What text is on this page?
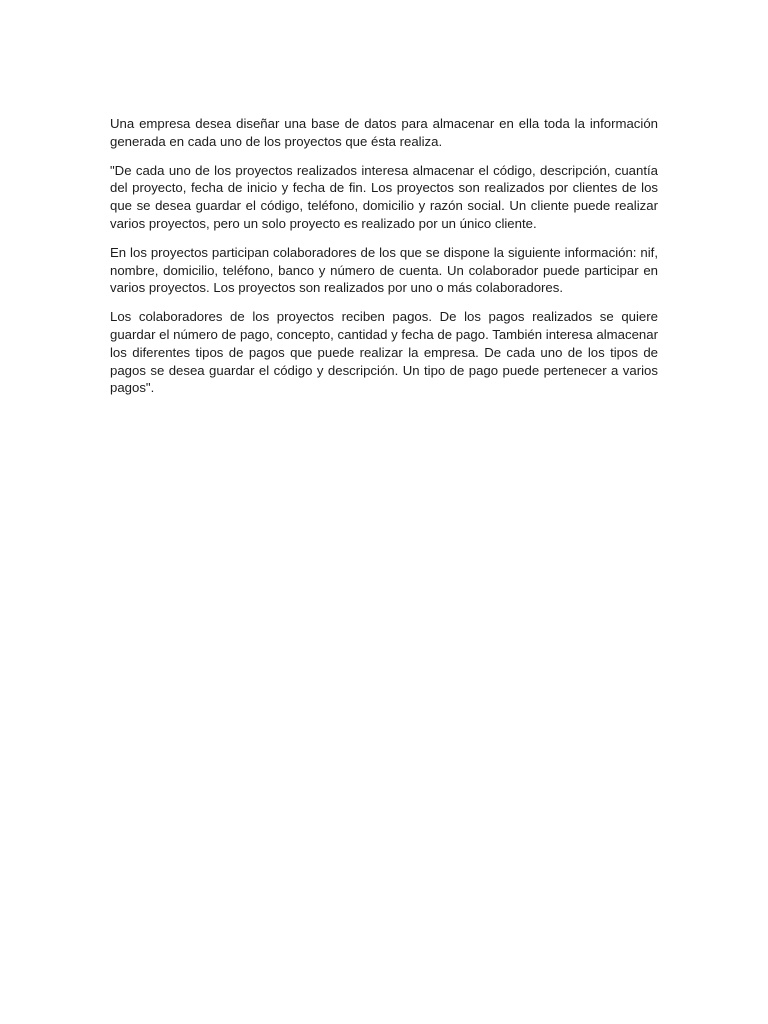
Una empresa desea diseñar una base de datos para almacenar en ella toda la información generada en cada uno de los proyectos que ésta realiza.

"De cada uno de los proyectos realizados interesa almacenar el código, descripción, cuantía del proyecto, fecha de inicio y fecha de fin. Los proyectos son realizados por clientes de los que se desea guardar el código, teléfono, domicilio y razón social. Un cliente puede realizar varios proyectos, pero un solo proyecto es realizado por un único cliente.

En los proyectos participan colaboradores de los que se dispone la siguiente información: nif, nombre, domicilio, teléfono, banco y número de cuenta. Un colaborador puede participar en varios proyectos. Los proyectos son realizados por uno o más colaboradores.

Los colaboradores de los proyectos reciben pagos. De los pagos realizados se quiere guardar el número de pago, concepto, cantidad y fecha de pago. También interesa almacenar los diferentes tipos de pagos que puede realizar la empresa. De cada uno de los tipos de pagos se desea guardar el código y descripción. Un tipo de pago puede pertenecer a varios pagos".
